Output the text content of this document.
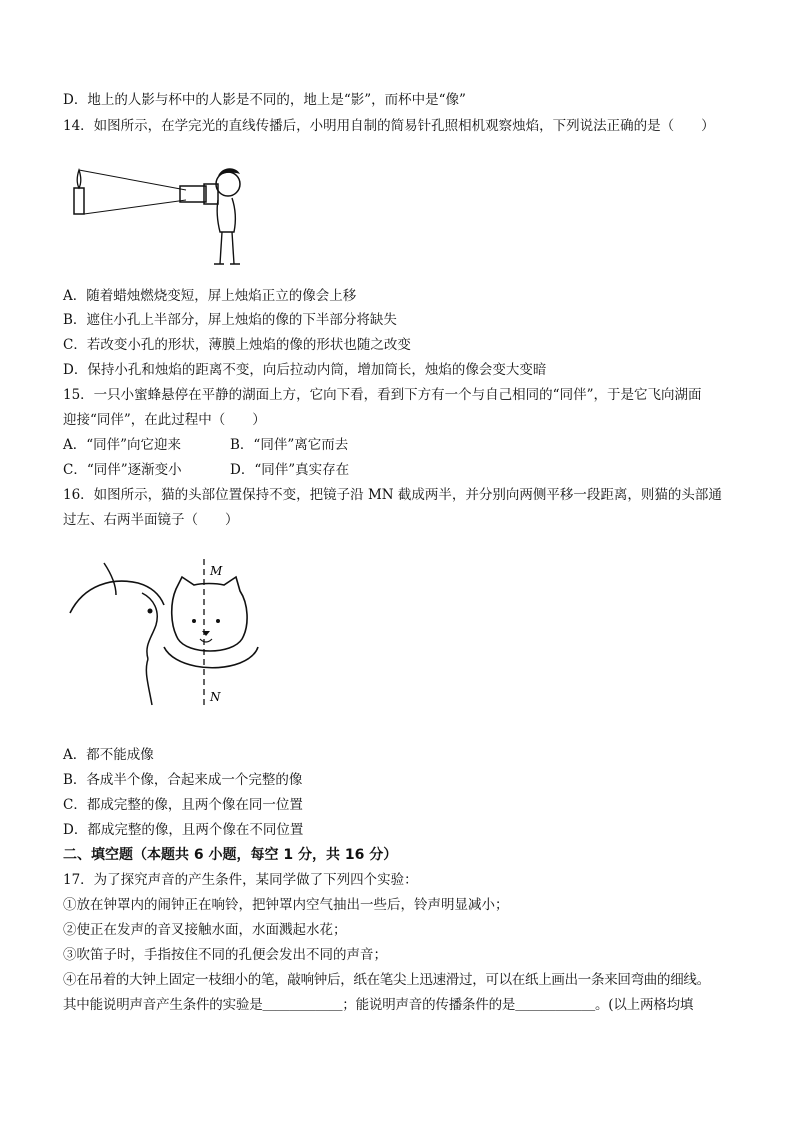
D．地上的人影与杯中的人影是不同的，地上是“影”，而杯中是“像”
14．如图所示，在学完光的直线传播后，小明用自制的简易针孔照相机观察烛焰，下列说法正确的是（　　）
A．随着蜡烛燃烧变短，屏上烛焰正立的像会上移
B．遮住小孔上半部分，屏上烛焰的像的下半部分将缺失
C．若改变小孔的形状，薄膜上烛焰的像的形状也随之改变
D．保持小孔和烛焰的距离不变，向后拉动内筒，增加筒长，烛焰的像会变大变暗
15．一只小蜜蜂悬停在平静的湖面上方，它向下看，看到下方有一个与自己相同的“同伴”，于是它飞向湖面
迎接“同伴”，在此过程中（　　）
A．“同伴”向它迎来	B．“同伴”离它而去
C．“同伴”逐渐变小	D．“同伴”真实存在
16．如图所示，猫的头部位置保持不变，把镜子沿 MN 截成两半，并分别向两侧平移一段距离，则猫的头部通
过左、右两半面镜子（　　）
M
N
A．都不能成像
B．各成半个像，合起来成一个完整的像
C．都成完整的像，且两个像在同一位置
D．都成完整的像，且两个像在不同位置
二、填空题（本题共 6 小题，每空 1 分，共 16 分）
17．为了探究声音的产生条件，某同学做了下列四个实验：
①放在钟罩内的闹钟正在响铃，把钟罩内空气抽出一些后，铃声明显减小；
②使正在发声的音叉接触水面，水面溅起水花；
③吹笛子时，手指按住不同的孔便会发出不同的声音；
④在吊着的大钟上固定一枝细小的笔，敲响钟后，纸在笔尖上迅速滑过，可以在纸上画出一条来回弯曲的细线。
其中能说明声音产生条件的实验是＿＿＿＿＿＿；能说明声音的传播条件的是＿＿＿＿＿＿。(以上两格均填
